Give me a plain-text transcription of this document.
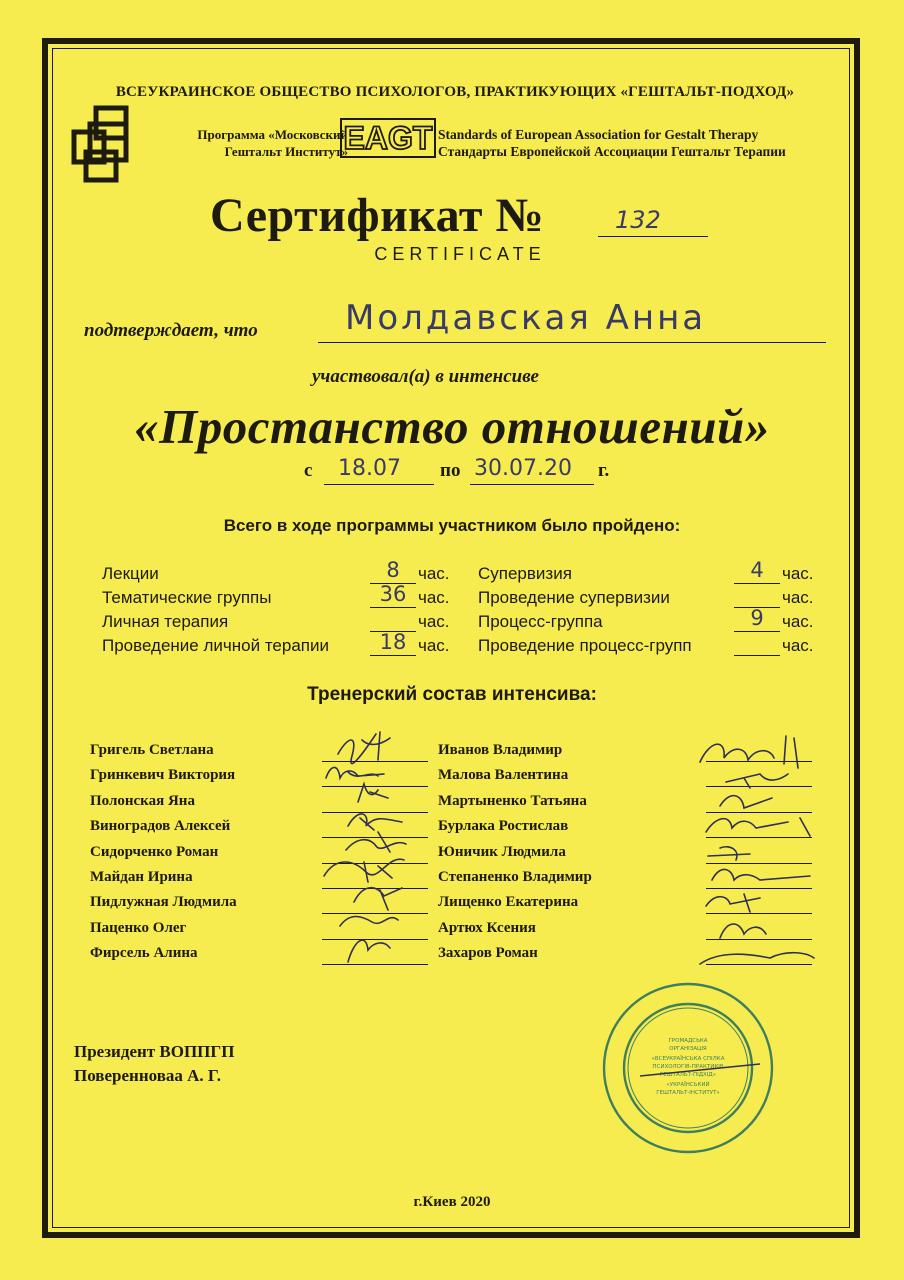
ВСЕУКРАИНСКОЕ ОБЩЕСТВО ПСИХОЛОГОВ, ПРАКТИКУЮЩИХ «ГЕШТАЛЬТ-ПОДХОД»
Программа «Московский
Гештальт Институт»
EAGT Standards of European Association for Gestalt Therapy
Стандарты Европейской Ассоциации Гештальт Терапии
Сертификат №	132
CERTIFICATE
подтверждает, что	Молдавская Анна
участвовал(а) в интенсиве
«Простанство отношений»
с 18.07 по 30.07.20 г.
Всего в ходе программы участником было пройдено:
Лекции	8	час.
Тематические группы	36 час.
Личная терапия	час.
Проведение личной терапии	18 час.
Супервизия	4	час.
Проведение супервизии	час.
Процесс-группа	9	час.
Проведение процесс-групп	час.
Тренерский состав интенсива:
Григель Светлана
Гринкевич Виктория
Полонская Яна
Виноградов Алексей
Сидорченко Роман
Майдан Ирина
Пидлужная Людмила
Паценко Олег
Фирсель Алина
Иванов Владимир
Малова Валентина
Мартыненко Татьяна
Бурлака Ростислав
Юничик Людмила
Степаненко Владимир
Лищенко Екатерина
Артюх Ксения
Захаров Роман
ГРОМАДСЬКА
ОРГАНІЗАЦІЯ
«ВСЕУКРАЇНСЬКА СПІЛКА
ПСИХОЛОГІВ-ПРАКТИКІВ
ГЕШТАЛЬТ-ПІДХІД»
«УКРАЇНСЬКИЙ
ГЕШТАЛЬТ-ІНСТИТУТ»
Президент ВОППГП
Поверенноваа А. Г.
г.Киев 2020
